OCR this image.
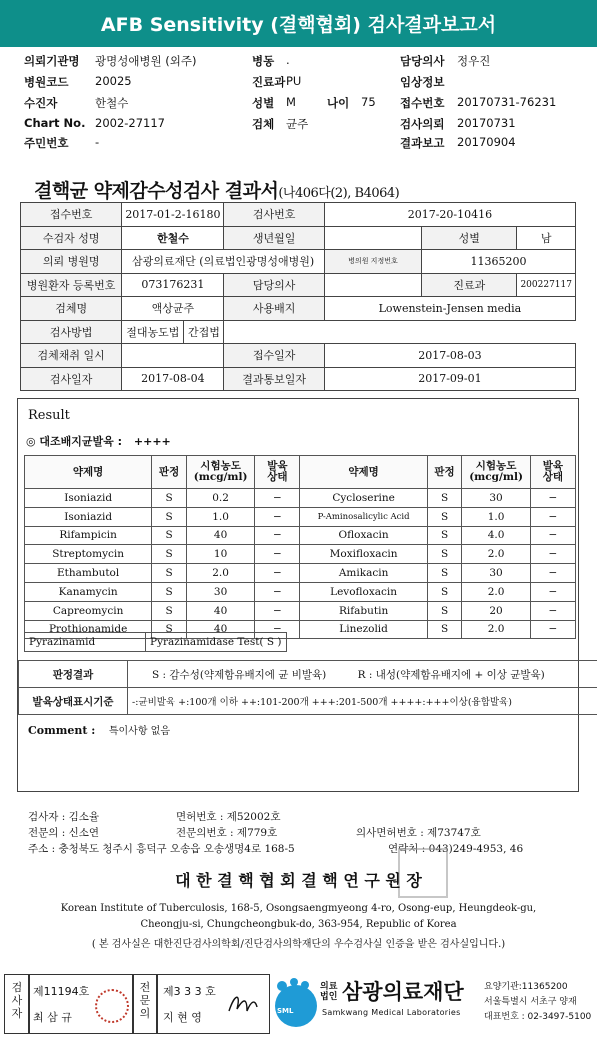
AFB Sensitivity (결핵협회) 검사결과보고서
의뢰기관명 광명성애병원 (외주)	병동 .	담당의사 정우진
병원코드 20025	진료과 PU	임상정보
수진자	한철수	성별 M	나이 75 접수번호 20170731-76231
Chart No. 2002-27117	검체 균주	검사의뢰 20170731
주민번호 -	결과보고 20170904
결핵균 약제감수성검사 결과서(나406다(2), B4064)
접수번호	2017-01-2-16180		검사번호	2017-20-10416		
수검자 성명	한철수		생년월일		성별	남
의뢰 병원명	삼광의료재단 (의료법인광명성애병원)			병의원 지정번호	11365200	
병원환자 등록번호	073176231		담당의사		진료과	200227117
검체명	액상균주		사용배지	Lowenstein-Jensen media		
검사방법	절대농도법	간접법				
검체채취 일시			접수일자	2017-08-03		
검사일자	2017-08-04		결과통보일자	2017-09-01		
Result
◎ 대조배지균발육 : ++++
약제명	판정	시험농도
(mcg/ml)	발육
상태	약제명	판정	시험농도
(mcg/ml)	발육
상태
Isoniazid	S	0.2	−	Cycloserine	S	30	−
Isoniazid	S	1.0	−	P-Aminosalicylic Acid	S	1.0	−
Rifampicin	S	40	−	Ofloxacin	S	4.0	−
Streptomycin	S	10	−	Moxifloxacin	S	2.0	−
Ethambutol	S	2.0	−	Amikacin	S	30	−
Kanamycin	S	30	−	Levofloxacin	S	2.0	−
Capreomycin	S	40	−	Rifabutin	S	20	−
Prothionamide	S	40	−	Linezolid	S	2.0	−
Pyrazinamid	Pyrazinamidase Test( S )
판정결과	S : 감수성(약제함유배지에 균 비발육) R : 내성(약제함유배지에 + 이상 균발육)
발육상태표시기준	-:균비발육 +:100개 이하 ++:101-200개 +++:201-500개 ++++:+++이상(융합발육)
Comment : 특이사항 없음
검사자 : 김소율	면허번호 : 제52002호
전문의 : 신소연	전문의번호 : 제779호	의사면허번호 : 제73747호
주소 : 충청북도 청주시 흥덕구 오송읍 오송생명4로 168-5	연락처 : 043)249-4953, 46
대 한 결 핵 협 회 결 핵 연 구 원 장
Korean Institute of Tuberculosis, 168-5, Osongsaengmyeong 4-ro, Osong-eup, Heungdeok-gu,
Cheongju-si, Chungcheongbuk-do, 363-954, Republic of Korea
( 본 검사실은 대한진단검사의학회/진단검사의학재단의 우수검사실 인증을 받은 검사실입니다.)
검사자
제11194호
최 삼 규
전문의
제3 3 3 호
지 현 영	SML
의료
법인 삼광의료재단
Samkwang Medical Laboratories
요양기관:11365200
서울특별시 서초구 양재
대표번호 : 02-3497-5100
